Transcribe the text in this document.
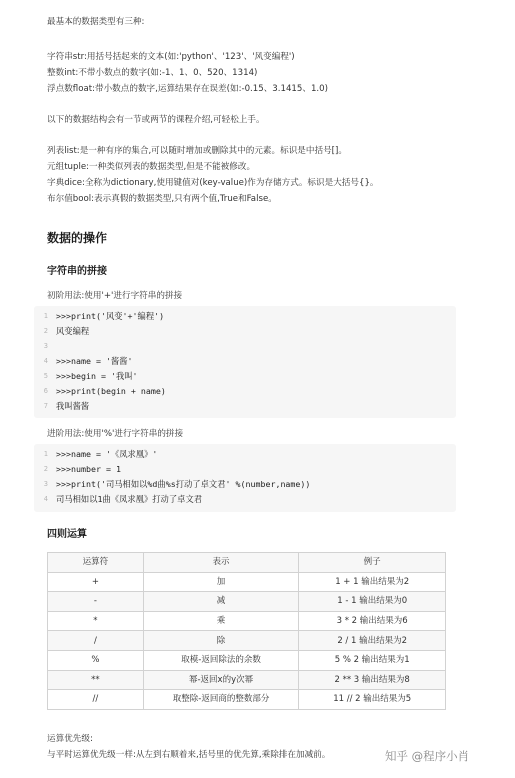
最基本的数据类型有三种:
字符串str:用括号括起来的文本(如:'python'、'123'、'风变编程')
整数int:不带小数点的数字(如:-1、1、0、520、1314)
浮点数float:带小数点的数字,运算结果存在误差(如:-0.15、3.1415、1.0)
以下的数据结构会有一节或两节的课程介绍,可轻松上手。
列表list:是一种有序的集合,可以随时增加或删除其中的元素。标识是中括号[]。
元组tuple:一种类似列表的数据类型,但是不能被修改。
字典dice:全称为dictionary,使用键值对(key-value)作为存储方式。标识是大括号{}。
布尔值bool:表示真假的数据类型,只有两个值,True和False。
数据的操作
字符串的拼接
初阶用法:使用'+'进行字符串的拼接
1 >>>print('风变'+'编程')
2 风变编程
3
4 >>>name = '酱酱'
5 >>>begin = '我叫'
6 >>>print(begin + name)
7 我叫酱酱
进阶用法:使用'%'进行字符串的拼接
1 >>>name = '《凤求凰》'
2 >>>number = 1
3 >>>print('司马相如以%d曲%s打动了卓文君' %(number,name))
4 司马相如以1曲《凤求凰》打动了卓文君
四则运算
运算符	表示	例子
+	加	1 + 1 输出结果为2
-	减	1 - 1 输出结果为0
*	乘	3 * 2 输出结果为6
/	除	2 / 1 输出结果为2
%	取模-返回除法的余数	5 % 2 输出结果为1
**	幂-返回x的y次幂	2 ** 3 输出结果为8
//	取整除-返回商的整数部分	11 // 2 输出结果为5
运算优先级:
与平时运算优先级一样:从左到右顺着来,括号里的优先算,乘除排在加减前。	知乎 @程序小肖
